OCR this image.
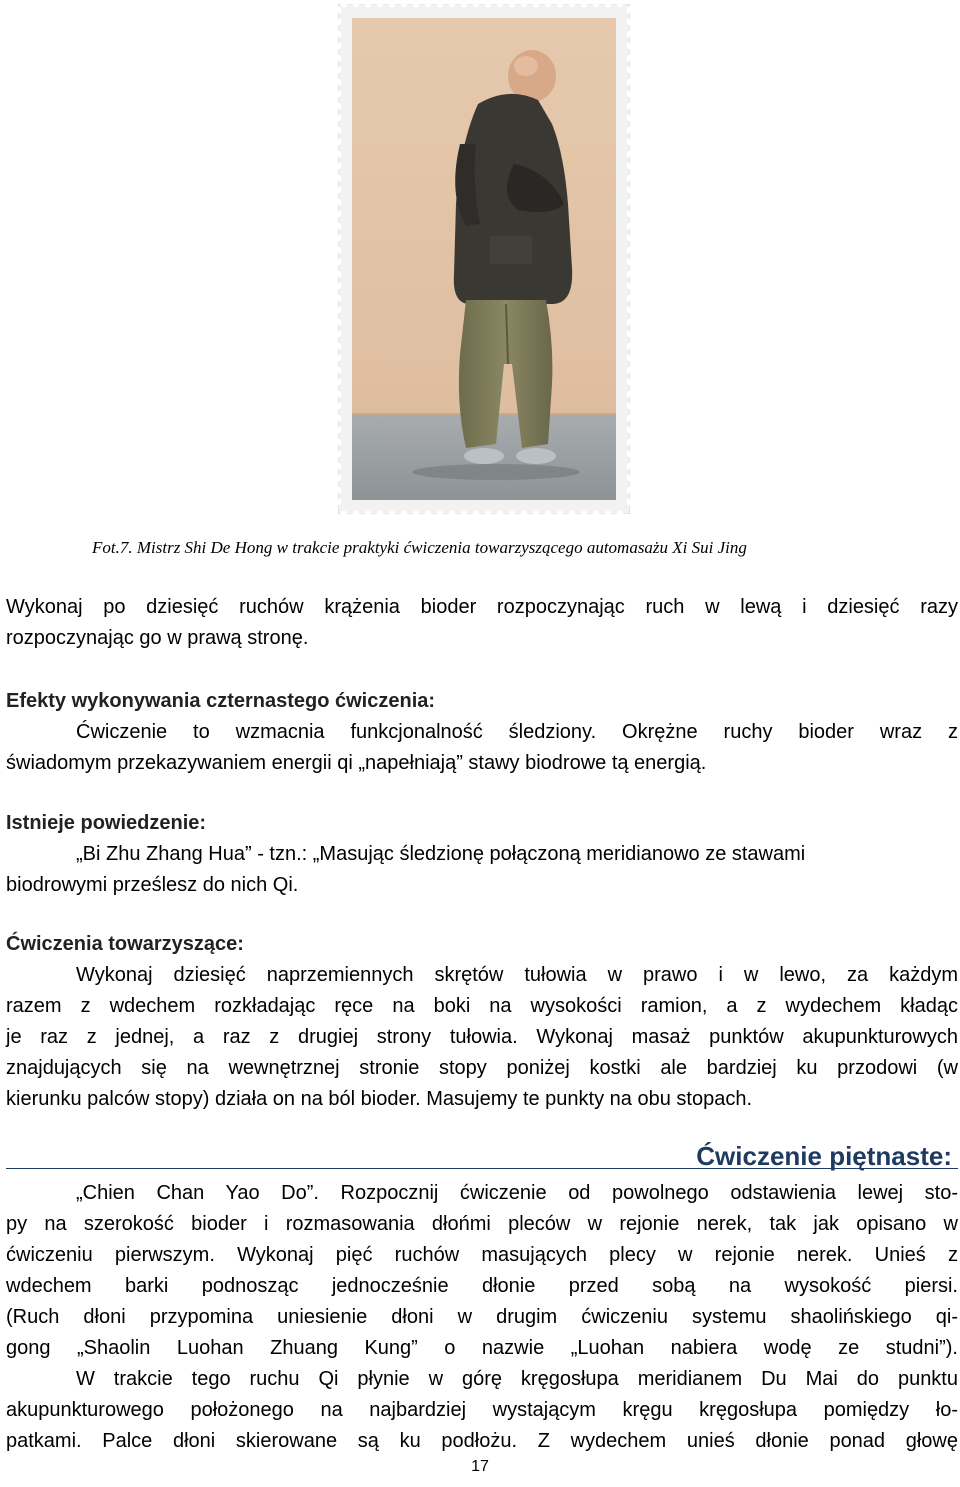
Fot.7. Mistrz Shi De Hong w trakcie praktyki ćwiczenia towarzyszącego automasażu Xi Sui Jing

Wykonaj po dziesięć ruchów krążenia bioder rozpoczynając ruch w lewą i dziesięć razy

rozpoczynając go w prawą stronę.

Efekty wykonywania czternastego ćwiczenia:

Ćwiczenie to wzmacnia funkcjonalność śledziony. Okrężne ruchy bioder wraz z

świadomym przekazywaniem energii qi „napełniają” stawy biodrowe tą energią.

Istnieje powiedzenie:

„Bi Zhu Zhang Hua” - tzn.: „Masując śledzionę połączoną meridianowo ze stawami

biodrowymi prześlesz do nich Qi.

Ćwiczenia towarzyszące:

Wykonaj dziesięć naprzemiennych skrętów tułowia w prawo i w lewo, za każdym

razem z wdechem rozkładając ręce na boki na wysokości ramion, a z wydechem kładąc

je raz z jednej, a raz z drugiej strony tułowia. Wykonaj masaż punktów akupunkturowych

znajdujących się na wewnętrznej stronie stopy poniżej kostki ale bardziej ku przodowi (w

kierunku palców stopy) działa on na ból bioder. Masujemy te punkty na obu stopach.

Ćwiczenie piętnaste:

„Chien Chan Yao Do”. Rozpocznij ćwiczenie od powolnego odstawienia lewej sto-

py na szerokość bioder i rozmasowania dłońmi pleców w rejonie nerek, tak jak opisano w

ćwiczeniu pierwszym. Wykonaj pięć ruchów masujących plecy w rejonie nerek. Unieś z

wdechem barki podnosząc jednocześnie dłonie przed sobą na wysokość piersi.

(Ruch dłoni przypomina uniesienie dłoni w drugim ćwiczeniu systemu shaolińskiego qi-

gong „Shaolin Luohan Zhuang Kung” o nazwie „Luohan nabiera wodę ze studni”).

W trakcie tego ruchu Qi płynie w górę kręgosłupa meridianem Du Mai do punktu

akupunkturowego położonego na najbardziej wystającym kręgu kręgosłupa pomiędzy ło-

patkami. Palce dłoni skierowane są ku podłożu. Z wydechem unieś dłonie ponad głowę

17
